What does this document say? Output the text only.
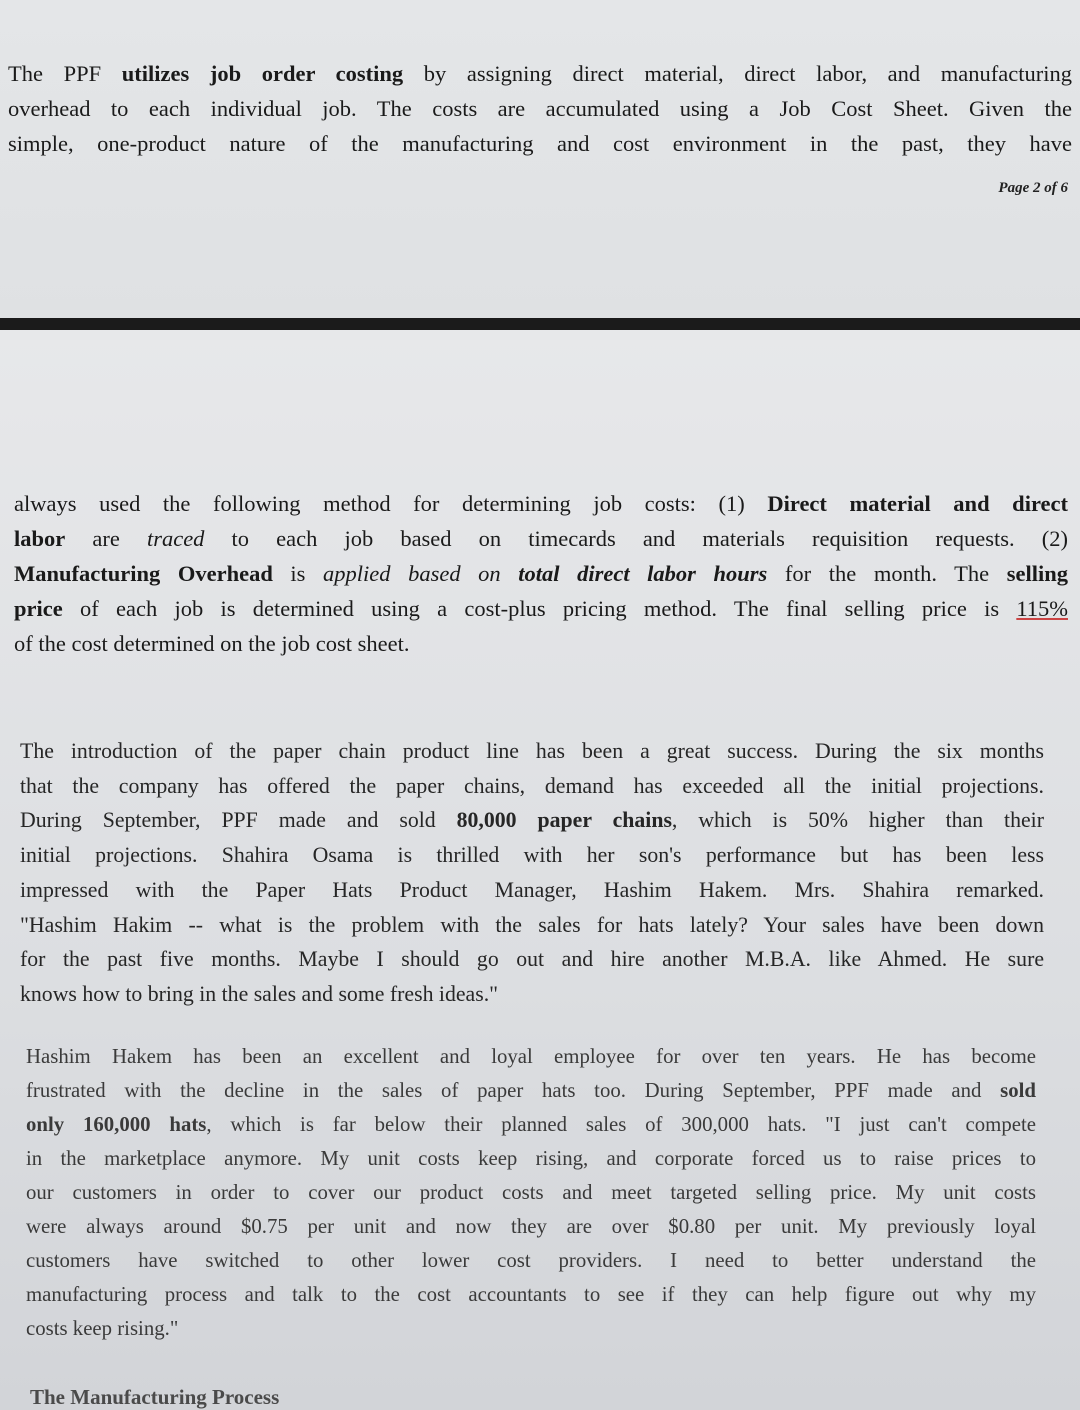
The PPF utilizes job order costing by assigning direct material, direct labor, and manufacturing
overhead to each individual job. The costs are accumulated using a Job Cost Sheet. Given the
simple, one-product nature of the manufacturing and cost environment in the past, they have
Page 2 of 6
always used the following method for determining job costs: (1) Direct material and direct
labor are traced to each job based on timecards and materials requisition requests. (2)
Manufacturing Overhead is applied based on total direct labor hours for the month. The selling
price of each job is determined using a cost-plus pricing method. The final selling price is 115%
of the cost determined on the job cost sheet.
The introduction of the paper chain product line has been a great success. During the six months
that the company has offered the paper chains, demand has exceeded all the initial projections.
During September, PPF made and sold 80,000 paper chains, which is 50% higher than their
initial projections. Shahira Osama is thrilled with her son's performance but has been less
impressed with the Paper Hats Product Manager, Hashim Hakem. Mrs. Shahira remarked.
"Hashim Hakim -- what is the problem with the sales for hats lately? Your sales have been down
for the past five months. Maybe I should go out and hire another M.B.A. like Ahmed. He sure
knows how to bring in the sales and some fresh ideas."
Hashim Hakem has been an excellent and loyal employee for over ten years. He has become
frustrated with the decline in the sales of paper hats too. During September, PPF made and sold
only 160,000 hats, which is far below their planned sales of 300,000 hats. "I just can't compete
in the marketplace anymore. My unit costs keep rising, and corporate forced us to raise prices to
our customers in order to cover our product costs and meet targeted selling price. My unit costs
were always around $0.75 per unit and now they are over $0.80 per unit. My previously loyal
customers have switched to other lower cost providers. I need to better understand the
manufacturing process and talk to the cost accountants to see if they can help figure out why my
costs keep rising."
The Manufacturing Process
